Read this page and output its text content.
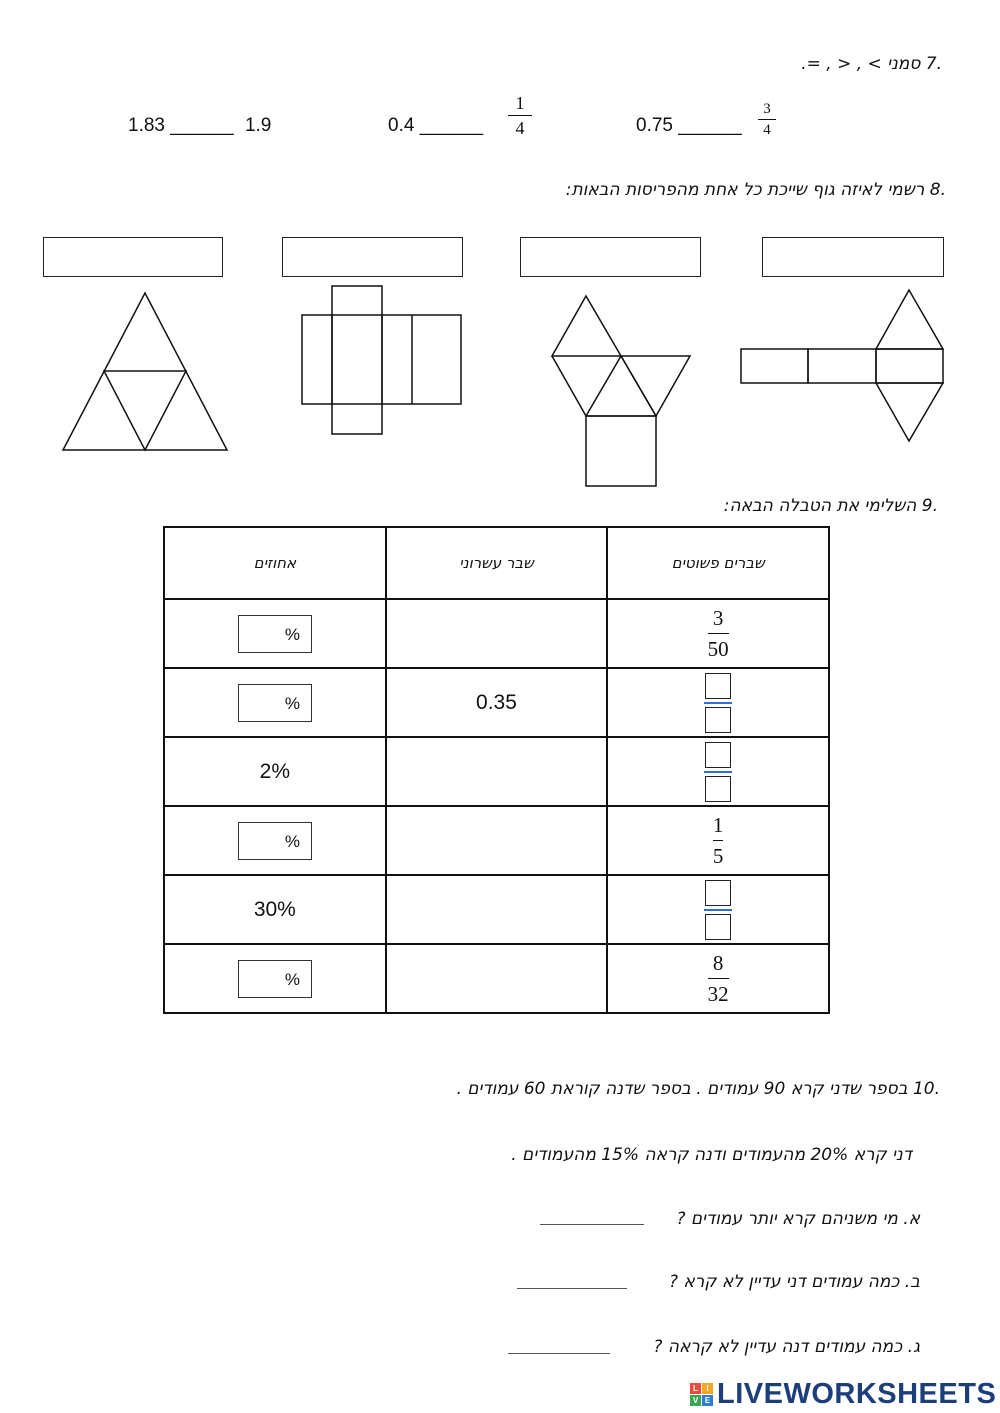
.7 סמני > , < , =.
1.83 ______ 1.9	0.4 ______
1
4	0.75 ______
3
4
.8 רשמי לאיזה גוף שייכת כל אחת מהפריסות הבאות:
.9 השלימי את הטבלה הבאה:
אחוזים	שבר עשרוני	שברים פשוטים

%		$\frac{3}{50}$

%	0.35	

2%		

%		$\frac{1}{5}$

30%		

%		$\frac{8}{32}$
.10 בספר שדני קרא 90 עמודים . בספר שדנה קוראת 60 עמודים .
דני קרא 20% מהעמודים ודנה קראה 15% מהעמודים .
א. מי משניהם קרא יותר עמודים ?
ב. כמה עמודים דני עדיין לא קרא ?
ג. כמה עמודים דנה עדיין לא קראה ?
L	I
V E LIVEWORKSHEETS
